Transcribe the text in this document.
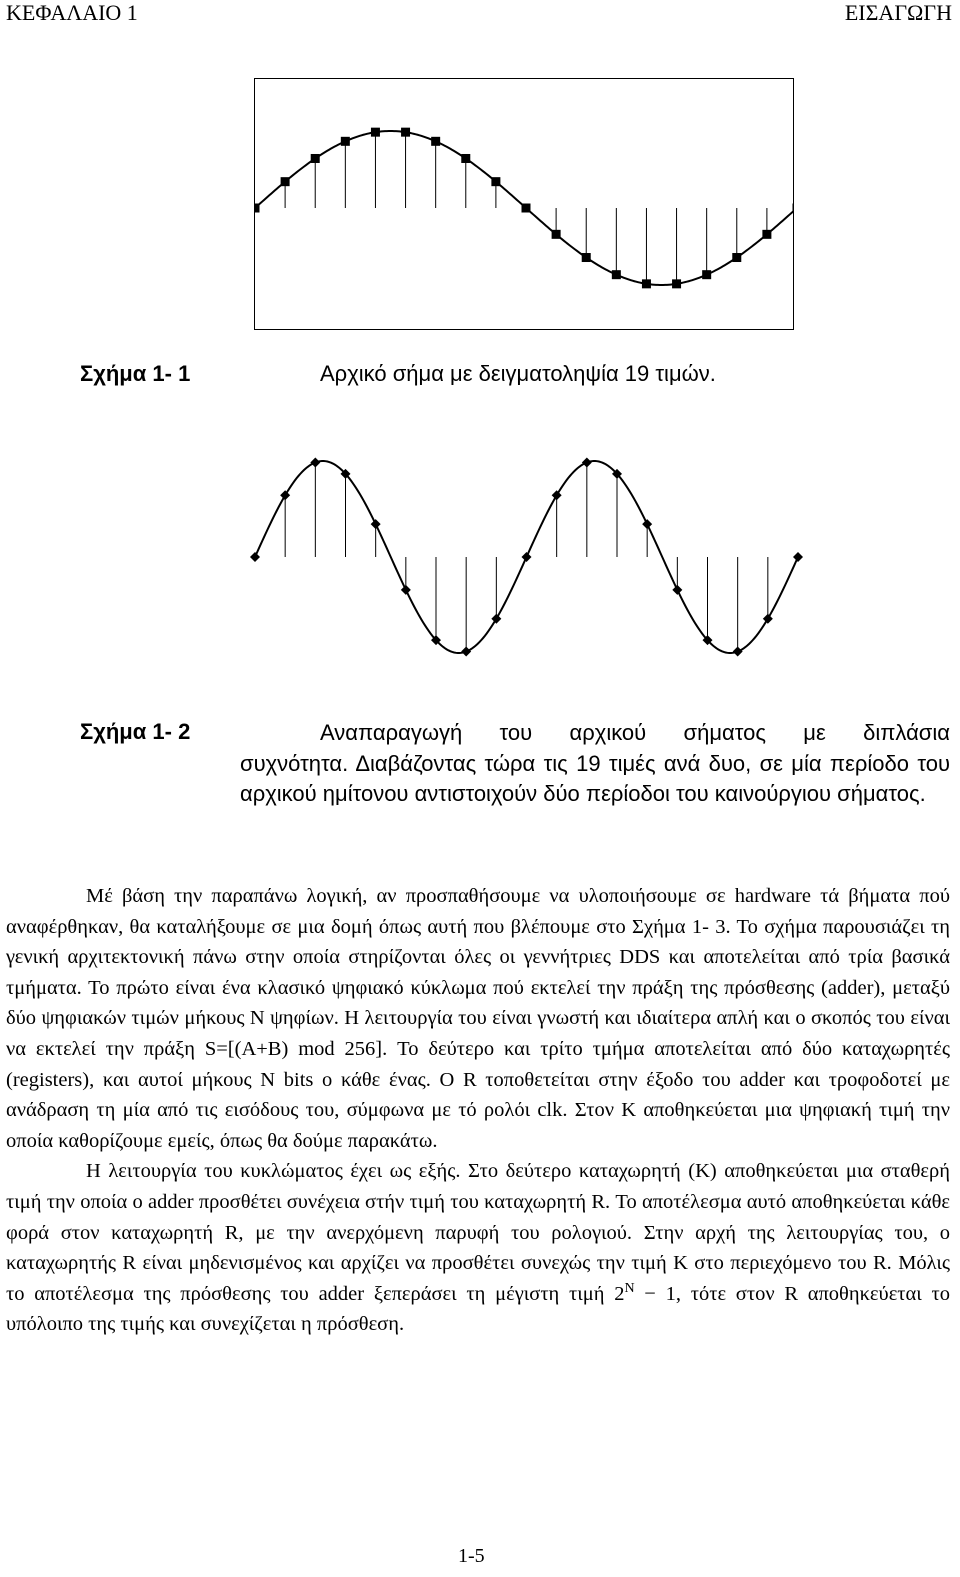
ΚΕΦΑΛΑΙΟ 1	ΕΙΣΑΓΩΓΗ
Σχήμα 1- 1	Αρχικό σήμα με δειγματοληψία 19 τιμών.
Σχήμα 1- 2	Αναπαραγωγή του αρχικού σήματος με διπλάσια
συχνότητα. Διαβάζοντας τώρα τις 19 τιμές ανά δυο, σε μία περίοδο του αρχικού ημίτονου αντιστοιχούν δύο περίοδοι του καινούργιου σήματος.

Μέ βάση την παραπάνω λογική, αν προσπαθήσουμε να υλοποιήσουμε σε hardware τά βήματα πού αναφέρθηκαν, θα καταλήξουμε σε μια δομή όπως αυτή που βλέπουμε στο Σχήμα 1- 3. Το σχήμα παρουσιάζει τη γενική αρχιτεκτονική πάνω στην οποία στηρίζονται όλες οι γεννήτριες DDS και αποτελείται από τρία βασικά τμήματα. Το πρώτο είναι ένα κλασικό ψηφιακό κύκλωμα πού εκτελεί την πράξη της πρόσθεσης (adder), μεταξύ δύο ψηφιακών τιμών μήκους N ψηφίων. Η λειτουργία του είναι γνωστή και ιδιαίτερα απλή και ο σκοπός του είναι να εκτελεί την πράξη S=[(A+B) mod 256]. Το δεύτερο και τρίτο τμήμα αποτελείται από δύο καταχωρητές (registers), και αυτοί μήκους N bits ο κάθε ένας. Ο R τοποθετείται στην έξοδο του adder και τροφοδοτεί με ανάδραση τη μία από τις εισόδους του, σύμφωνα με τό ρολόι clk. Στον K αποθηκεύεται μια ψηφιακή τιμή την οποία καθορίζουμε εμείς, όπως θα δούμε παρακάτω.

Η λειτουργία του κυκλώματος έχει ως εξής. Στο δεύτερο καταχωρητή (K) αποθηκεύεται μια σταθερή τιμή την οποία ο adder προσθέτει συνέχεια στήν τιμή του καταχωρητή R. Το αποτέλεσμα αυτό αποθηκεύεται κάθε φορά στον καταχωρητή R, με την ανερχόμενη παρυφή του ρολογιού. Στην αρχή της λειτουργίας του, ο καταχωρητής R είναι μηδενισμένος και αρχίζει να προσθέτει συνεχώς την τιμή K στο περιεχόμενο του R. Μόλις το αποτέλεσμα της πρόσθεσης του adder ξεπεράσει τη μέγιστη τιμή $2^N - 1$, τότε στον R αποθηκεύεται το υπόλοιπο της τιμής και συνεχίζεται η πρόσθεση.

1-5
